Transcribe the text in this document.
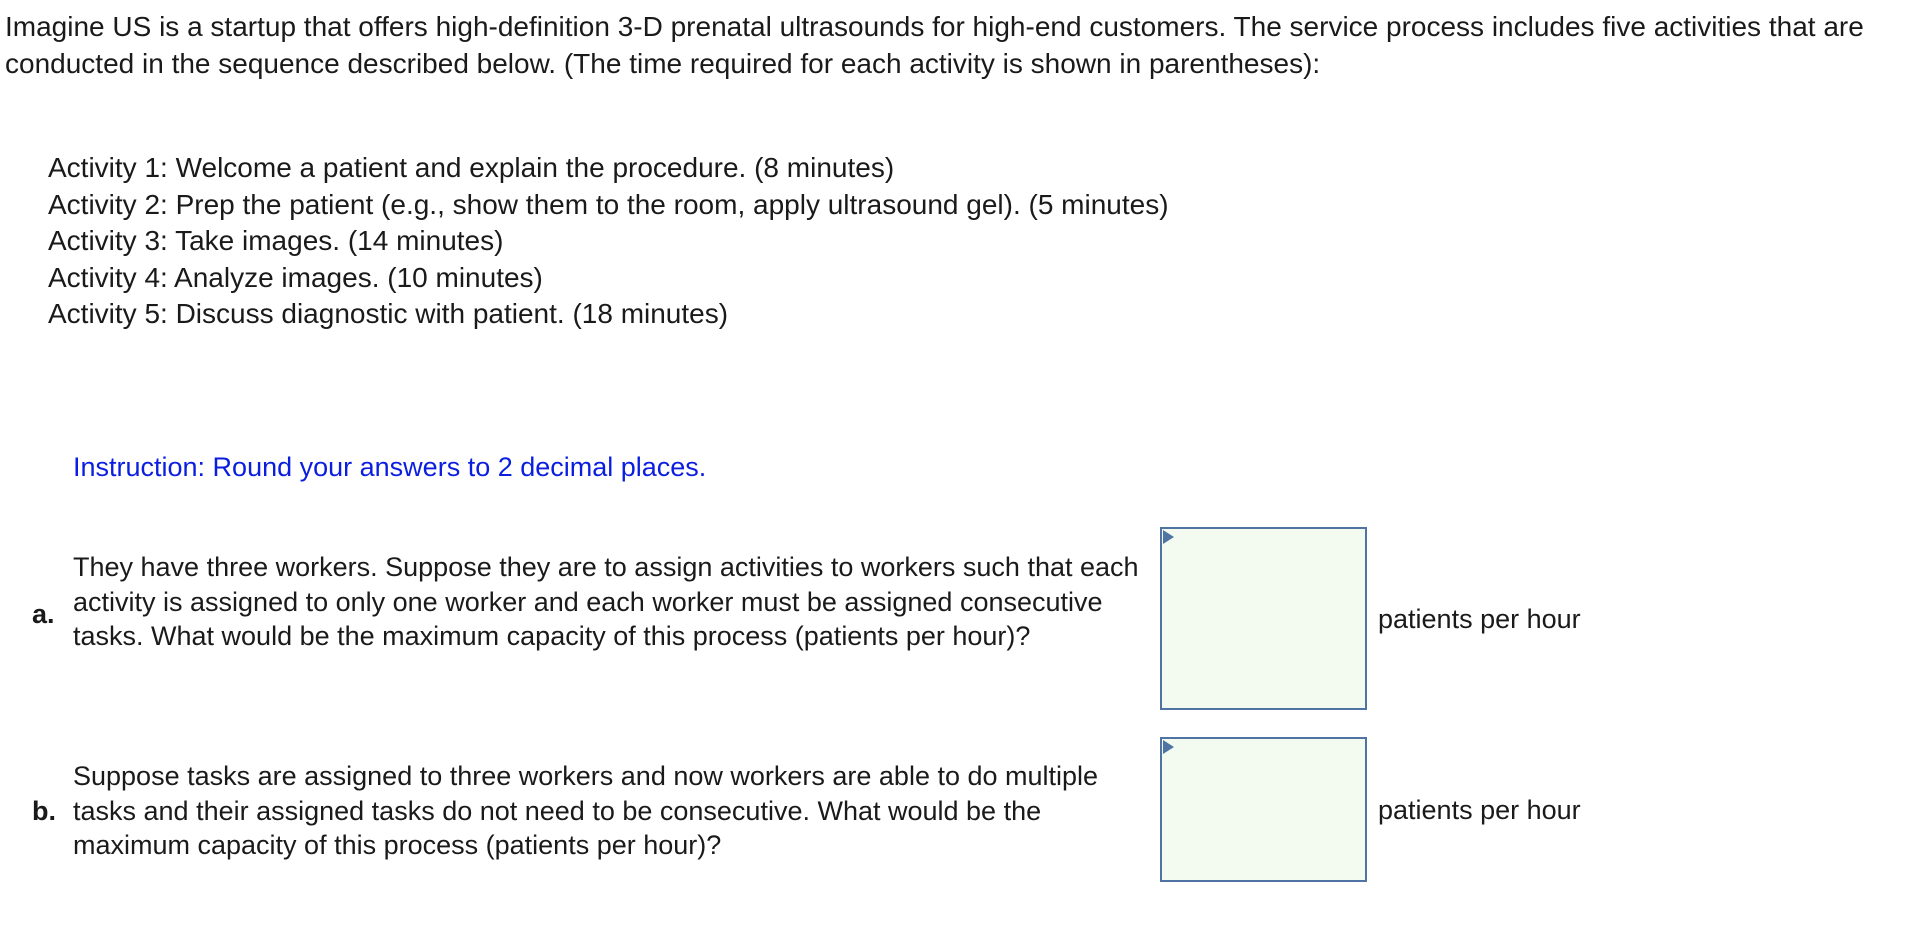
Imagine US is a startup that offers high-definition 3-D prenatal ultrasounds for high-end customers. The service process includes five activities that are conducted in the sequence described below. (The time required for each activity is shown in parentheses):

Activity 1: Welcome a patient and explain the procedure. (8 minutes)
Activity 2: Prep the patient (e.g., show them to the room, apply ultrasound gel). (5 minutes)
Activity 3: Take images. (14 minutes)
Activity 4: Analyze images. (10 minutes)
Activity 5: Discuss diagnostic with patient. (18 minutes)

Instruction: Round your answers to 2 decimal places.

a.

They have three workers. Suppose they are to assign activities to workers such that each activity is assigned to only one worker and each worker must be assigned consecutive tasks. What would be the maximum capacity of this process (patients per hour)?

patients per hour
b.

Suppose tasks are assigned to three workers and now workers are able to do multiple tasks and their assigned tasks do not need to be consecutive. What would be the maximum capacity of this process (patients per hour)?

patients per hour
